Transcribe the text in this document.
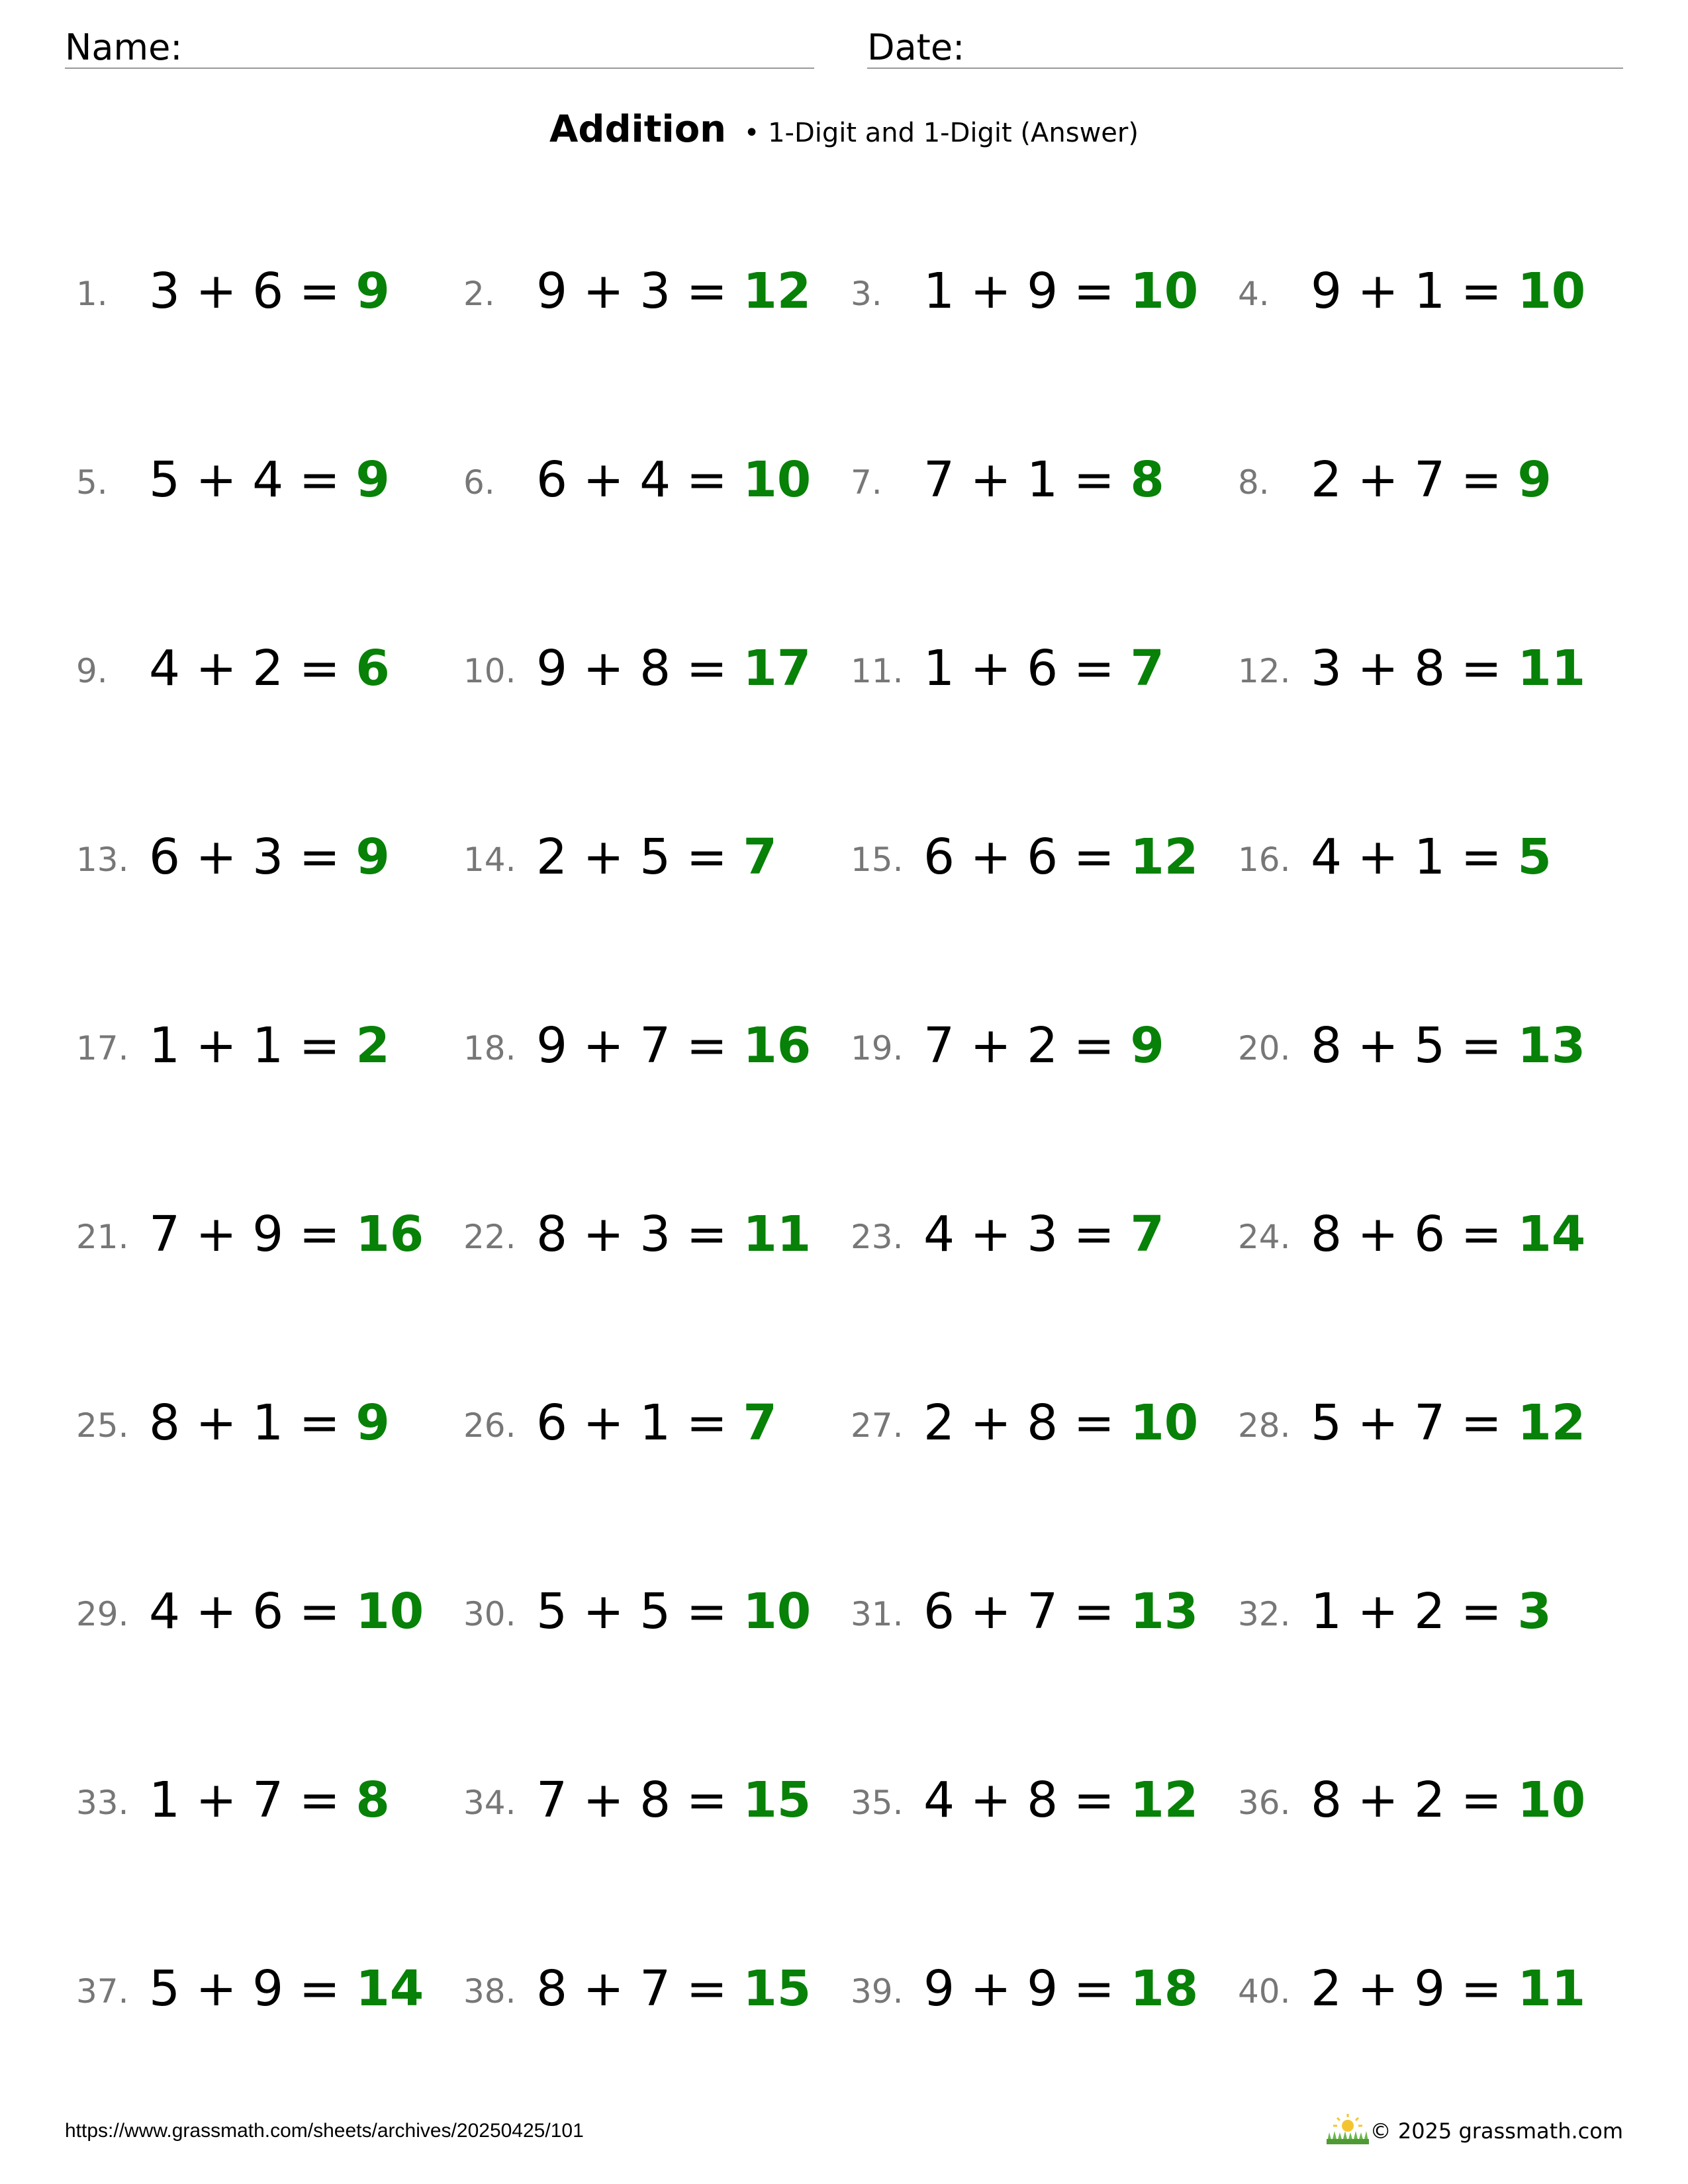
Name:	Date:
Addition • 1-Digit and 1-Digit (Answer)
1. 3 + 6 = 9 2. 9 + 3 = 12 3. 1 + 9 = 10 4. 9 + 1 = 10
5. 5 + 4 = 9 6. 6 + 4 = 10 7. 7 + 1 = 8 8. 2 + 7 = 9
9. 4 + 2 = 6 10. 9 + 8 = 17 11. 1 + 6 = 7 12. 3 + 8 = 11
13. 6 + 3 = 9 14. 2 + 5 = 7 15. 6 + 6 = 12 16. 4 + 1 = 5
17. 1 + 1 = 2 18. 9 + 7 = 16 19. 7 + 2 = 9 20. 8 + 5 = 13
21. 7 + 9 = 16 22. 8 + 3 = 11 23. 4 + 3 = 7 24. 8 + 6 = 14
25. 8 + 1 = 9 26. 6 + 1 = 7 27. 2 + 8 = 10 28. 5 + 7 = 12
29. 4 + 6 = 10 30. 5 + 5 = 10 31. 6 + 7 = 13 32. 1 + 2 = 3
33. 1 + 7 = 8 34. 7 + 8 = 15 35. 4 + 8 = 12 36. 8 + 2 = 10
37. 5 + 9 = 14 38. 8 + 7 = 15 39. 9 + 9 = 18 40. 2 + 9 = 11
https://www.grassmath.com/sheets/archives/20250425/101	© 2025 grassmath.com
